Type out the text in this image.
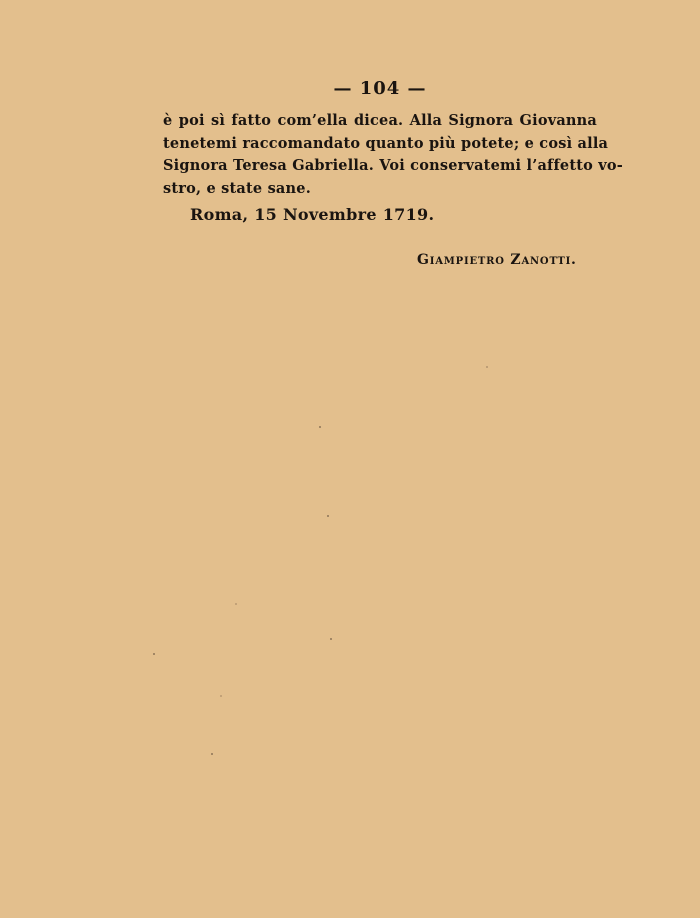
— 104 —
è poi sì fatto com’ella dicea. Alla Signora Giovanna
tenetemi raccomandato quanto più potete; e così alla
Signora Teresa Gabriella. Voi conservatemi l’affetto vo-
stro, e state sane.
Roma, 15 Novembre 1719.
Giampietro Zanotti.
